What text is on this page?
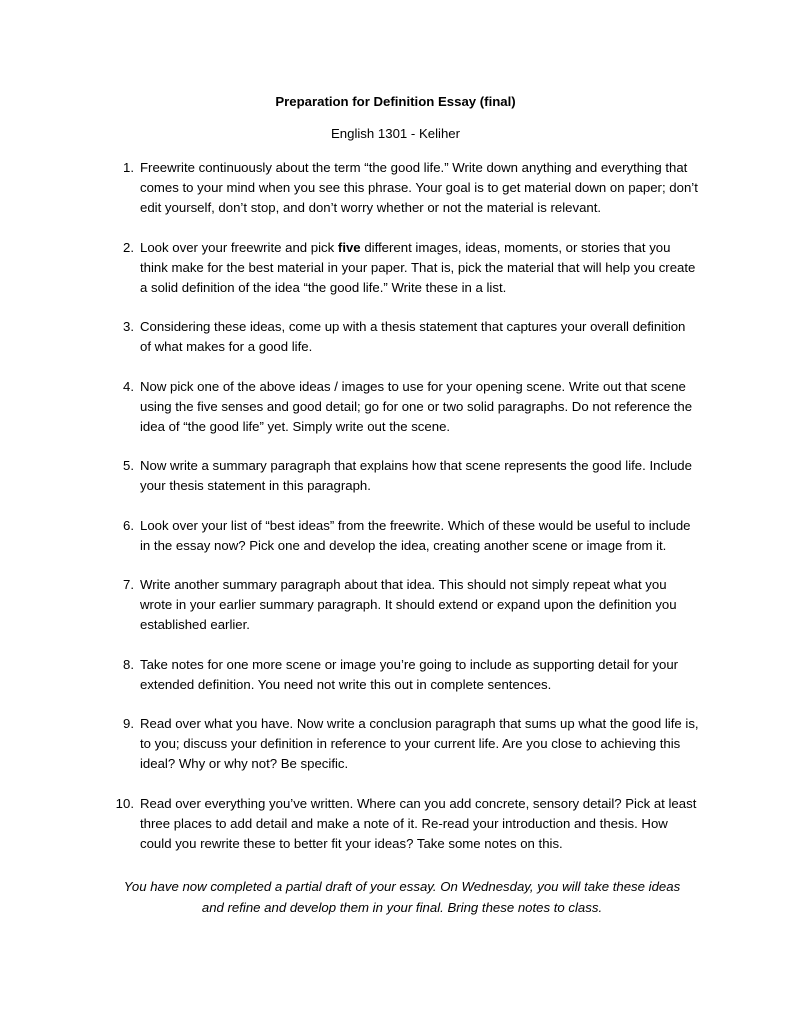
Preparation for Definition Essay (final)
English 1301 - Keliher
1. Freewrite continuously about the term “the good life.” Write down anything and everything that comes to your mind when you see this phrase. Your goal is to get material down on paper; don’t edit yourself, don’t stop, and don’t worry whether or not the material is relevant.
2. Look over your freewrite and pick five different images, ideas, moments, or stories that you think make for the best material in your paper. That is, pick the material that will help you create a solid definition of the idea “the good life.” Write these in a list.
3. Considering these ideas, come up with a thesis statement that captures your overall definition of what makes for a good life.
4. Now pick one of the above ideas / images to use for your opening scene. Write out that scene using the five senses and good detail; go for one or two solid paragraphs. Do not reference the idea of “the good life” yet. Simply write out the scene.
5. Now write a summary paragraph that explains how that scene represents the good life. Include your thesis statement in this paragraph.
6. Look over your list of “best ideas” from the freewrite. Which of these would be useful to include in the essay now? Pick one and develop the idea, creating another scene or image from it.
7. Write another summary paragraph about that idea. This should not simply repeat what you wrote in your earlier summary paragraph. It should extend or expand upon the definition you established earlier.
8. Take notes for one more scene or image you’re going to include as supporting detail for your extended definition. You need not write this out in complete sentences.
9. Read over what you have. Now write a conclusion paragraph that sums up what the good life is, to you; discuss your definition in reference to your current life. Are you close to achieving this ideal? Why or why not? Be specific.
10. Read over everything you’ve written. Where can you add concrete, sensory detail? Pick at least three places to add detail and make a note of it. Re-read your introduction and thesis. How could you rewrite these to better fit your ideas? Take some notes on this.
You have now completed a partial draft of your essay. On Wednesday, you will take these ideas and refine and develop them in your final. Bring these notes to class.
